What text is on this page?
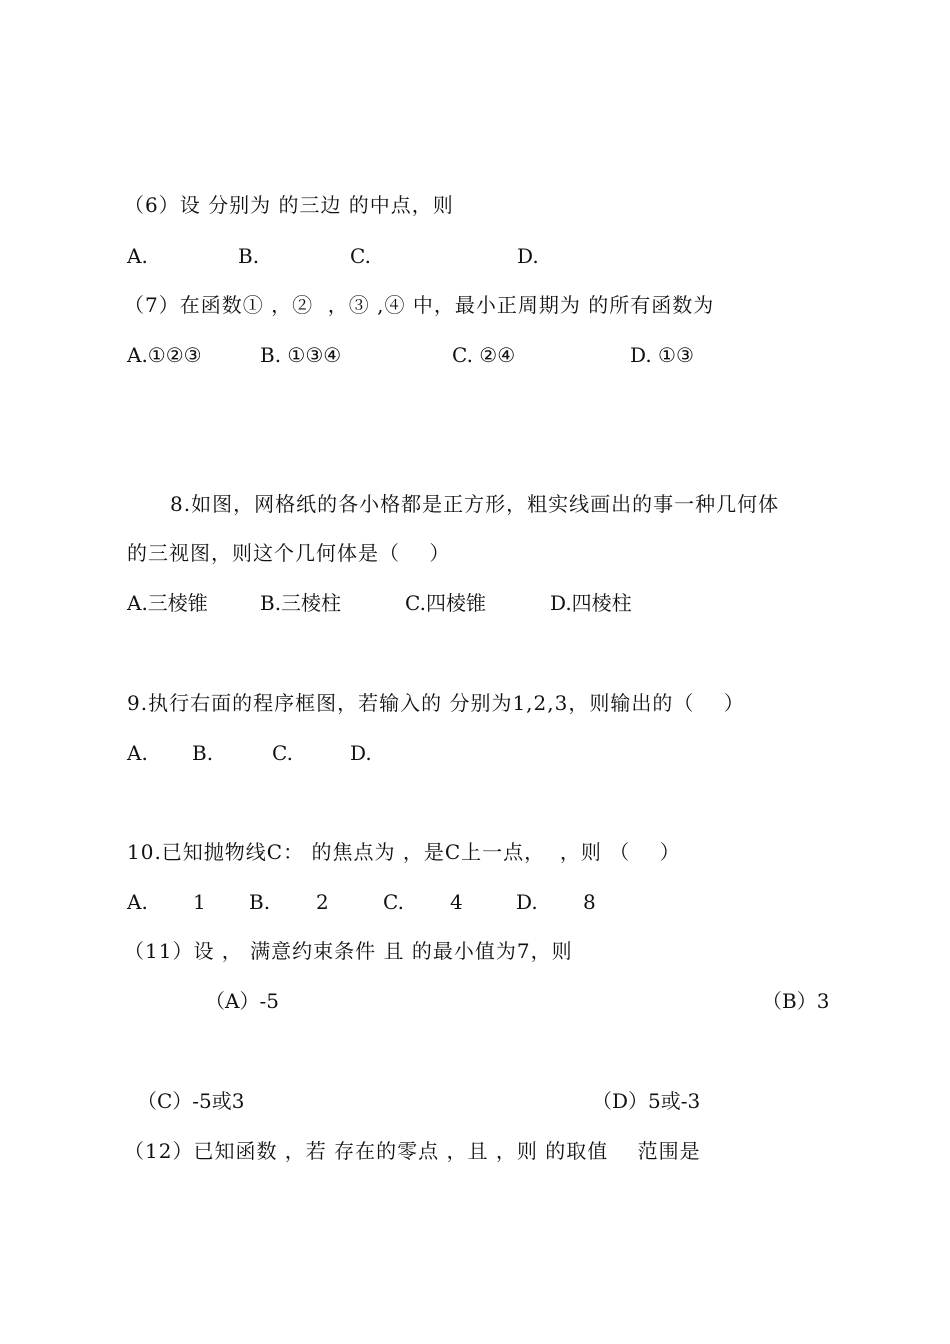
（6）设 分别为 的三边 的中点，则
A.	B.	C.	D.
（7）在函数① ，②  ，③ ,④ 中，最小正周期为 的所有函数为
A.①②③	B. ①③④	C. ②④	D. ①③
8.如图，网格纸的各小格都是正方形，粗实线画出的事一种几何体
的三视图，则这个几何体是（    ）
A.三棱锥	B.三棱柱	C.四棱锥	D.四棱柱
9.执行右面的程序框图，若输入的 分别为1,2,3，则输出的（    ）
A. B.	C.	D.
10.已知抛物线C： 的焦点为 ，是C上一点，  ，则 （    ）
A. 1 B. 2	C. 4	D. 8
（11）设 ， 满意约束条件 且 的最小值为7，则
（A）-5	（B）3
（C）-5或3	（D）5或-3
（12）已知函数 ，若 存在的零点 ，且 ，则 的取值    范围是
